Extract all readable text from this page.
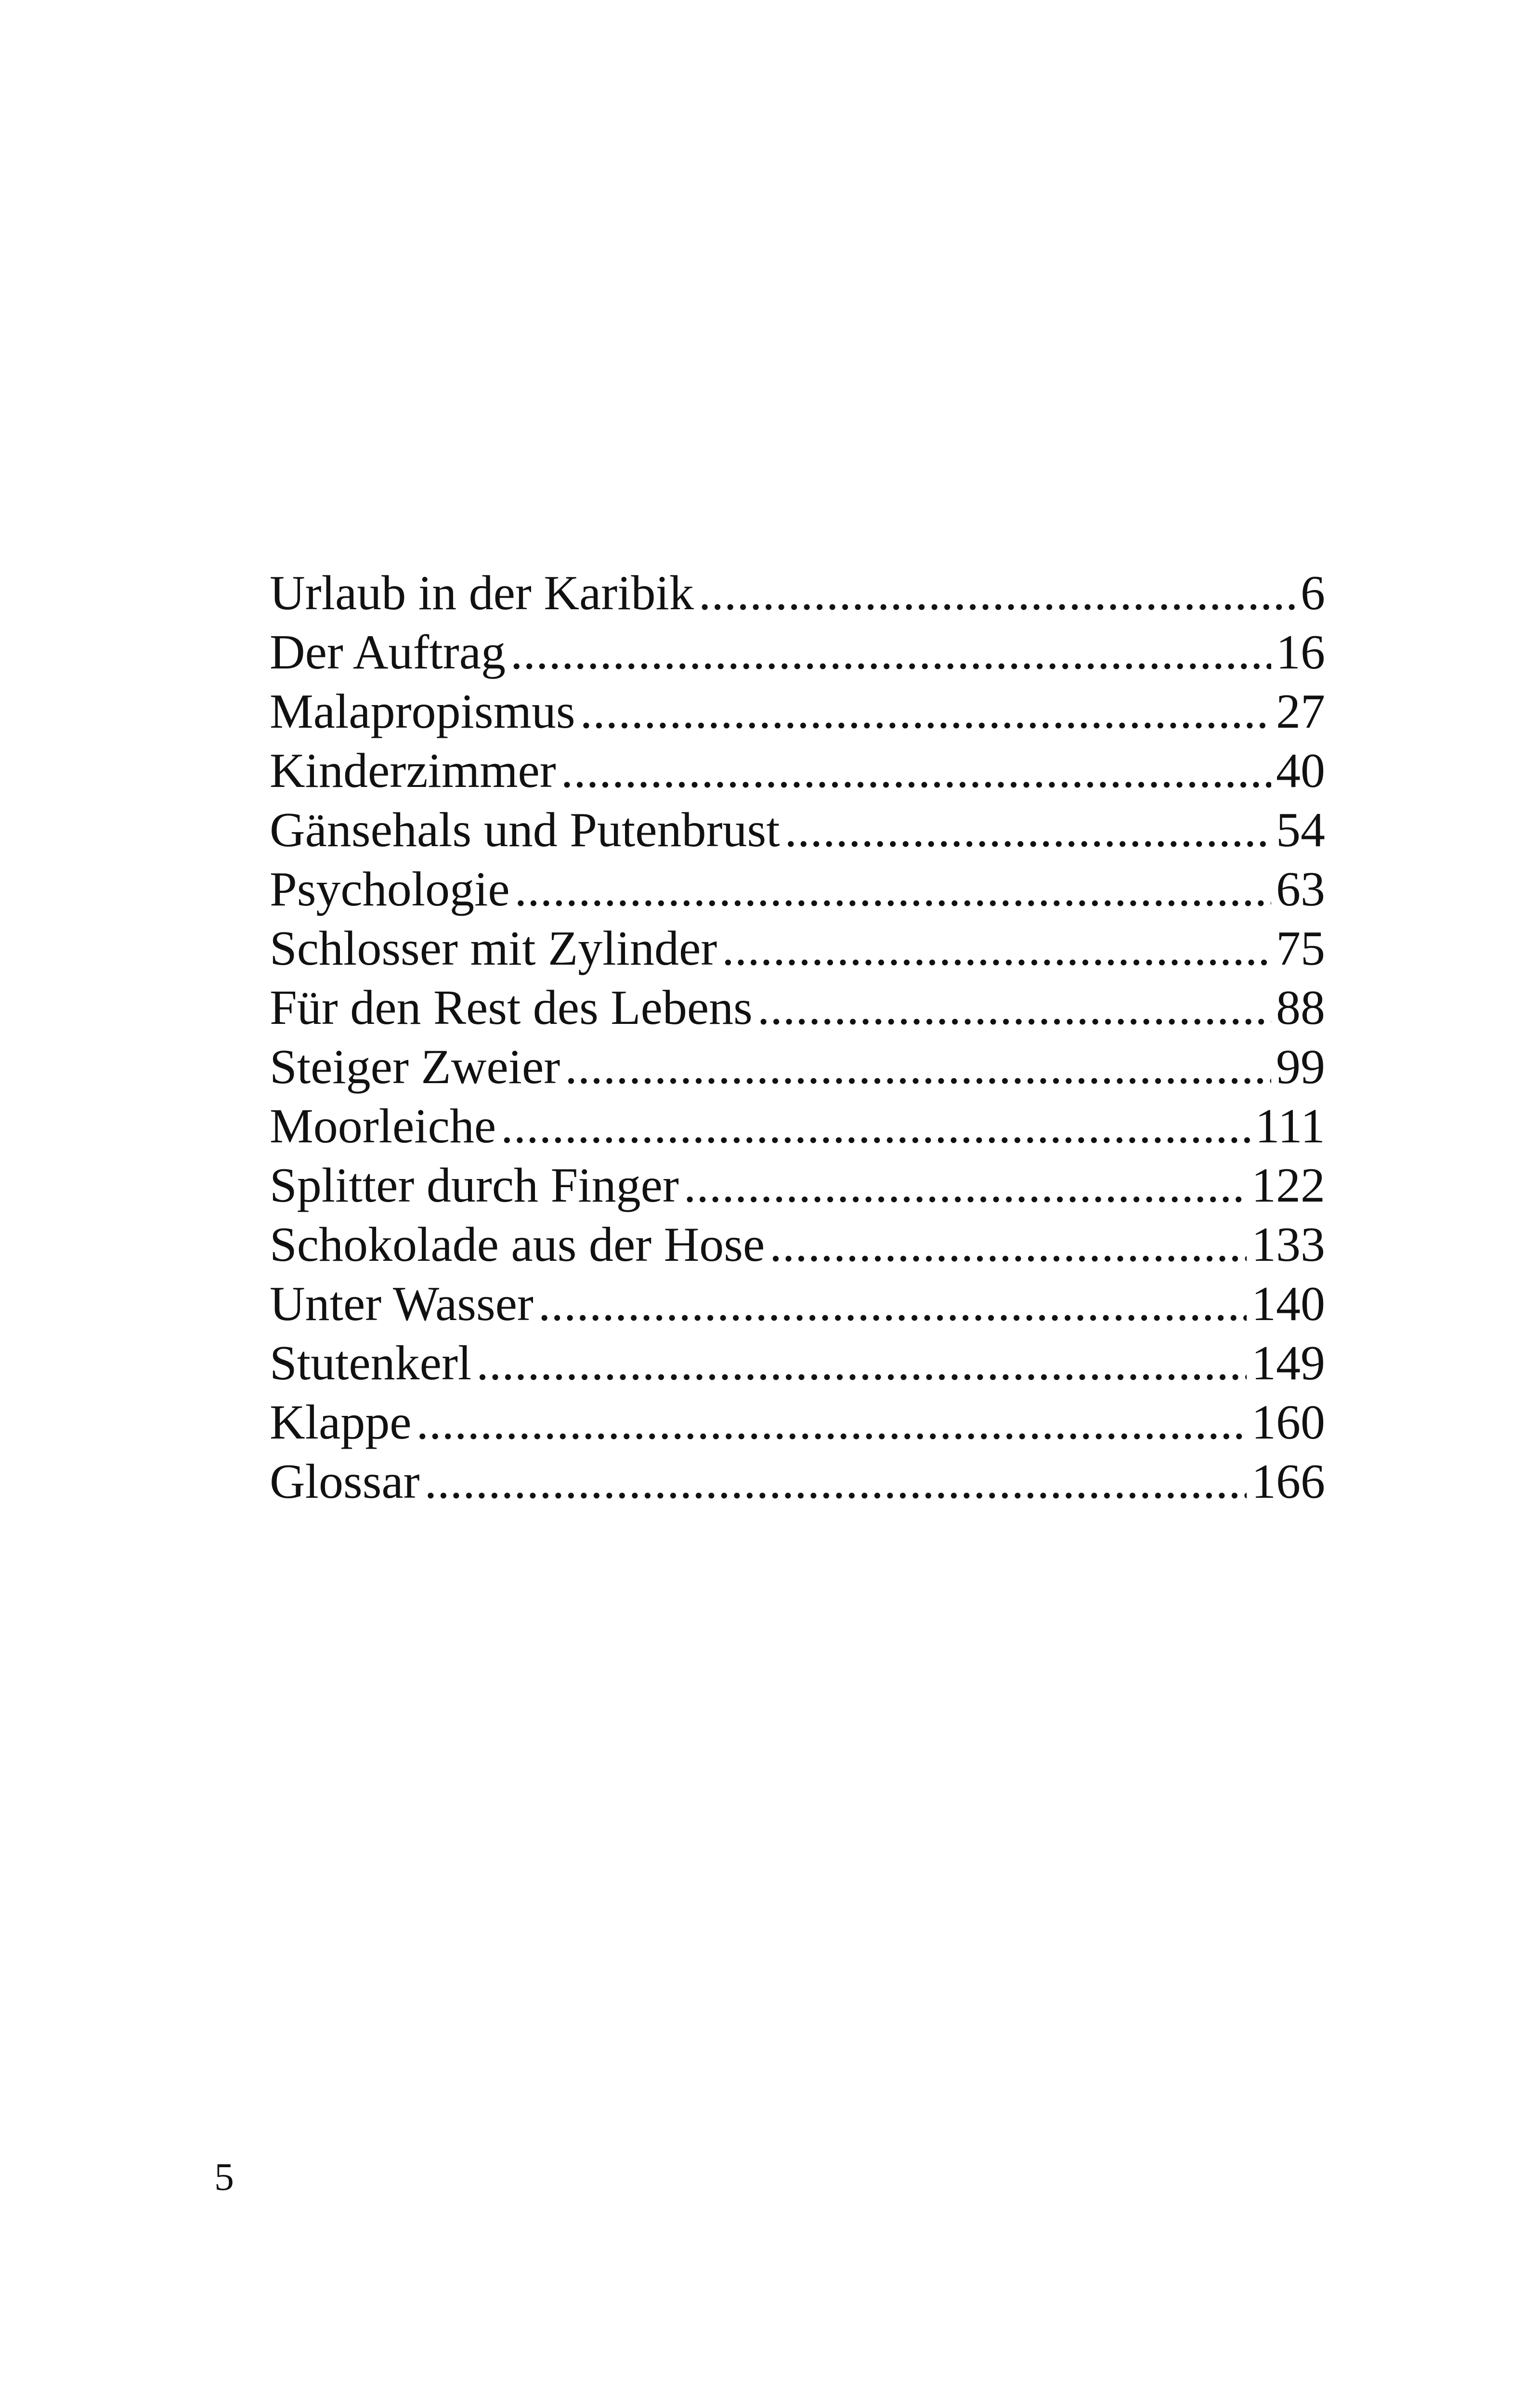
Urlaub in der Karibik .....	6
Der Auftrag .....	16
Malapropismus .....	27
Kinderzimmer .....	40
Gänsehals und Putenbrust .....	54
Psychologie .....	63
Schlosser mit Zylinder .....	75
Für den Rest des Lebens .....	88
Steiger Zweier .....	99
Moorleiche .....	111
Splitter durch Finger .....	122
Schokolade aus der Hose .....	133
Unter Wasser .....	140
Stutenkerl .....	149
Klappe .....	160
Glossar .....	166
5
